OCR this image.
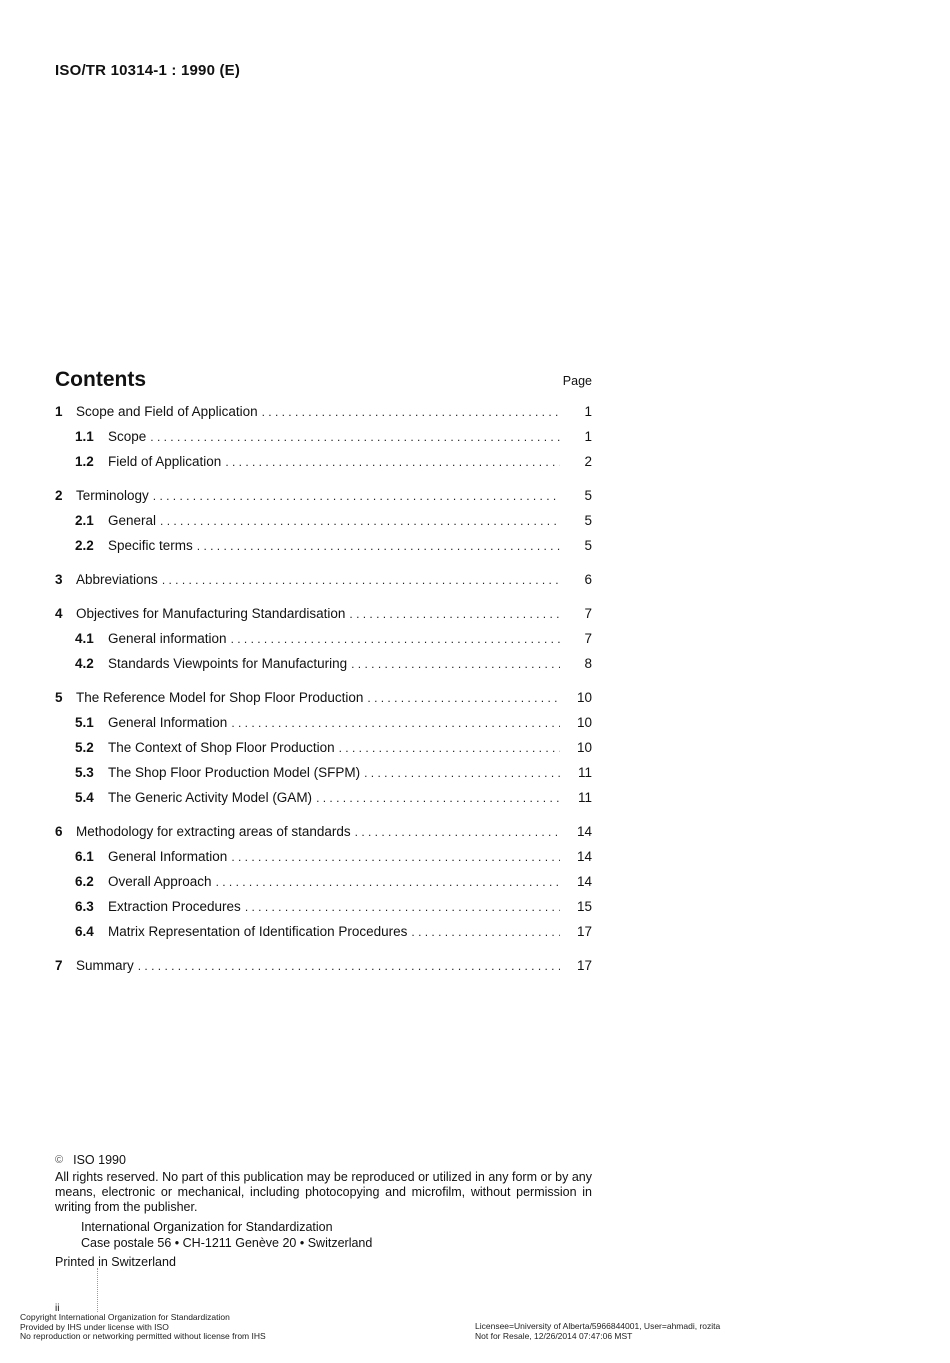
ISO/TR 10314-1 : 1990 (E)
Contents	Page
1 Scope and Field of Application . . .	1
1.1	Scope . . .	1
1.2	Field of Application . . .	2
2 Terminology . . .	5
2.1	General . . .	5
2.2	Specific terms . . .	5
3 Abbreviations . . .	6
4 Objectives for Manufacturing Standardisation . . .	7
4.1	General information . . .	7
4.2	Standards Viewpoints for Manufacturing . . .	8
5 The Reference Model for Shop Floor Production . . .	10
5.1	General Information . . .	10
5.2	The Context of Shop Floor Production . . .	10
5.3	The Shop Floor Production Model (SFPM) . . .	11
5.4	The Generic Activity Model (GAM) . . .	11
6 Methodology for extracting areas of standards . . .	14
6.1	General Information . . .	14
6.2	Overall Approach . . .	14
6.3	Extraction Procedures . . .	15
6.4	Matrix Representation of Identification Procedures . . .	17
7 Summary . . .	17
© ISO 1990
All rights reserved. No part of this publication may be reproduced or utilized in any form or by any means, electronic or mechanical, including photocopying and microfilm, without permission in writing from the publisher.
International Organization for Standardization
Case postale 56 • CH-1211 Genève 20 • Switzerland
Printed in Switzerland
ii
Copyright International Organization for Standardization
Provided by IHS under license with ISO
No reproduction or networking permitted without license from IHS
Licensee=University of Alberta/5966844001, User=ahmadi, rozita
Not for Resale, 12/26/2014 07:47:06 MST
